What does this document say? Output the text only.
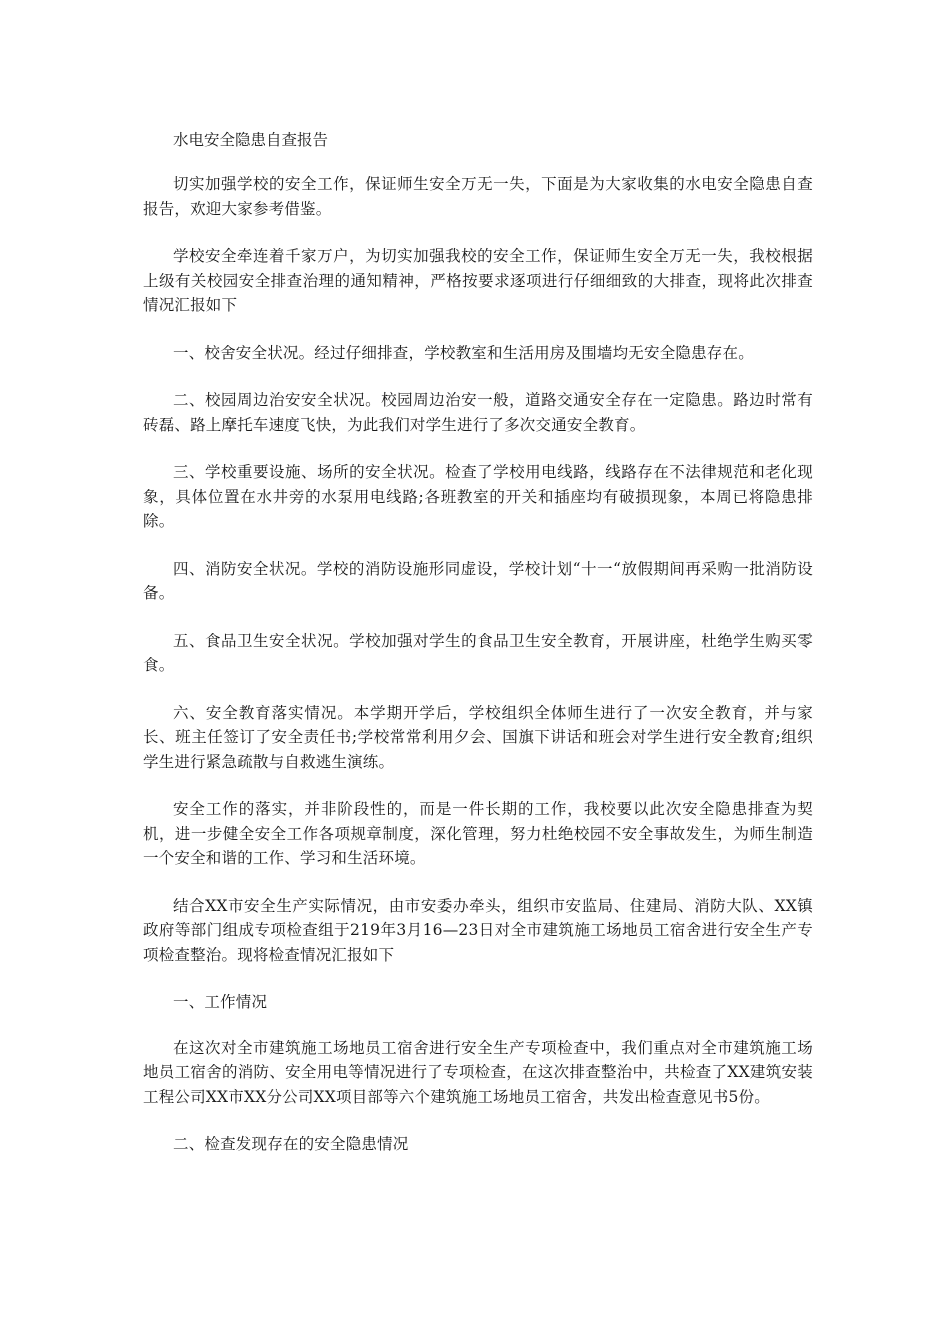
水电安全隐患自查报告

切实加强学校的安全工作，保证师生安全万无一失，下面是为大家收集的水电安全隐患自查报告，欢迎大家参考借鉴。

学校安全牵连着千家万户，为切实加强我校的安全工作，保证师生安全万无一失，我校根据上级有关校园安全排查治理的通知精神，严格按要求逐项进行仔细细致的大排查，现将此次排查情况汇报如下

一、校舍安全状况。经过仔细排查，学校教室和生活用房及围墙均无安全隐患存在。

二、校园周边治安安全状况。校园周边治安一般，道路交通安全存在一定隐患。路边时常有砖磊、路上摩托车速度飞快，为此我们对学生进行了多次交通安全教育。

三、学校重要设施、场所的安全状况。检查了学校用电线路，线路存在不法律规范和老化现象，具体位置在水井旁的水泵用电线路;各班教室的开关和插座均有破损现象，本周已将隐患排除。

四、消防安全状况。学校的消防设施形同虚设，学校计划“十一“放假期间再采购一批消防设备。

五、食品卫生安全状况。学校加强对学生的食品卫生安全教育，开展讲座，杜绝学生购买零食。

六、安全教育落实情况。本学期开学后，学校组织全体师生进行了一次安全教育，并与家长、班主任签订了安全责任书;学校常常利用夕会、国旗下讲话和班会对学生进行安全教育;组织学生进行紧急疏散与自救逃生演练。

安全工作的落实，并非阶段性的，而是一件长期的工作，我校要以此次安全隐患排查为契机，进一步健全安全工作各项规章制度，深化管理，努力杜绝校园不安全事故发生，为师生制造一个安全和谐的工作、学习和生活环境。

结合XX市安全生产实际情况，由市安委办牵头，组织市安监局、住建局、消防大队、XX镇政府等部门组成专项检查组于219年3月16—23日对全市建筑施工场地员工宿舍进行安全生产专项检查整治。现将检查情况汇报如下

一、工作情况

在这次对全市建筑施工场地员工宿舍进行安全生产专项检查中，我们重点对全市建筑施工场地员工宿舍的消防、安全用电等情况进行了专项检查，在这次排查整治中，共检查了XX建筑安装工程公司XX市XX分公司XX项目部等六个建筑施工场地员工宿舍，共发出检查意见书5份。

二、检查发现存在的安全隐患情况
